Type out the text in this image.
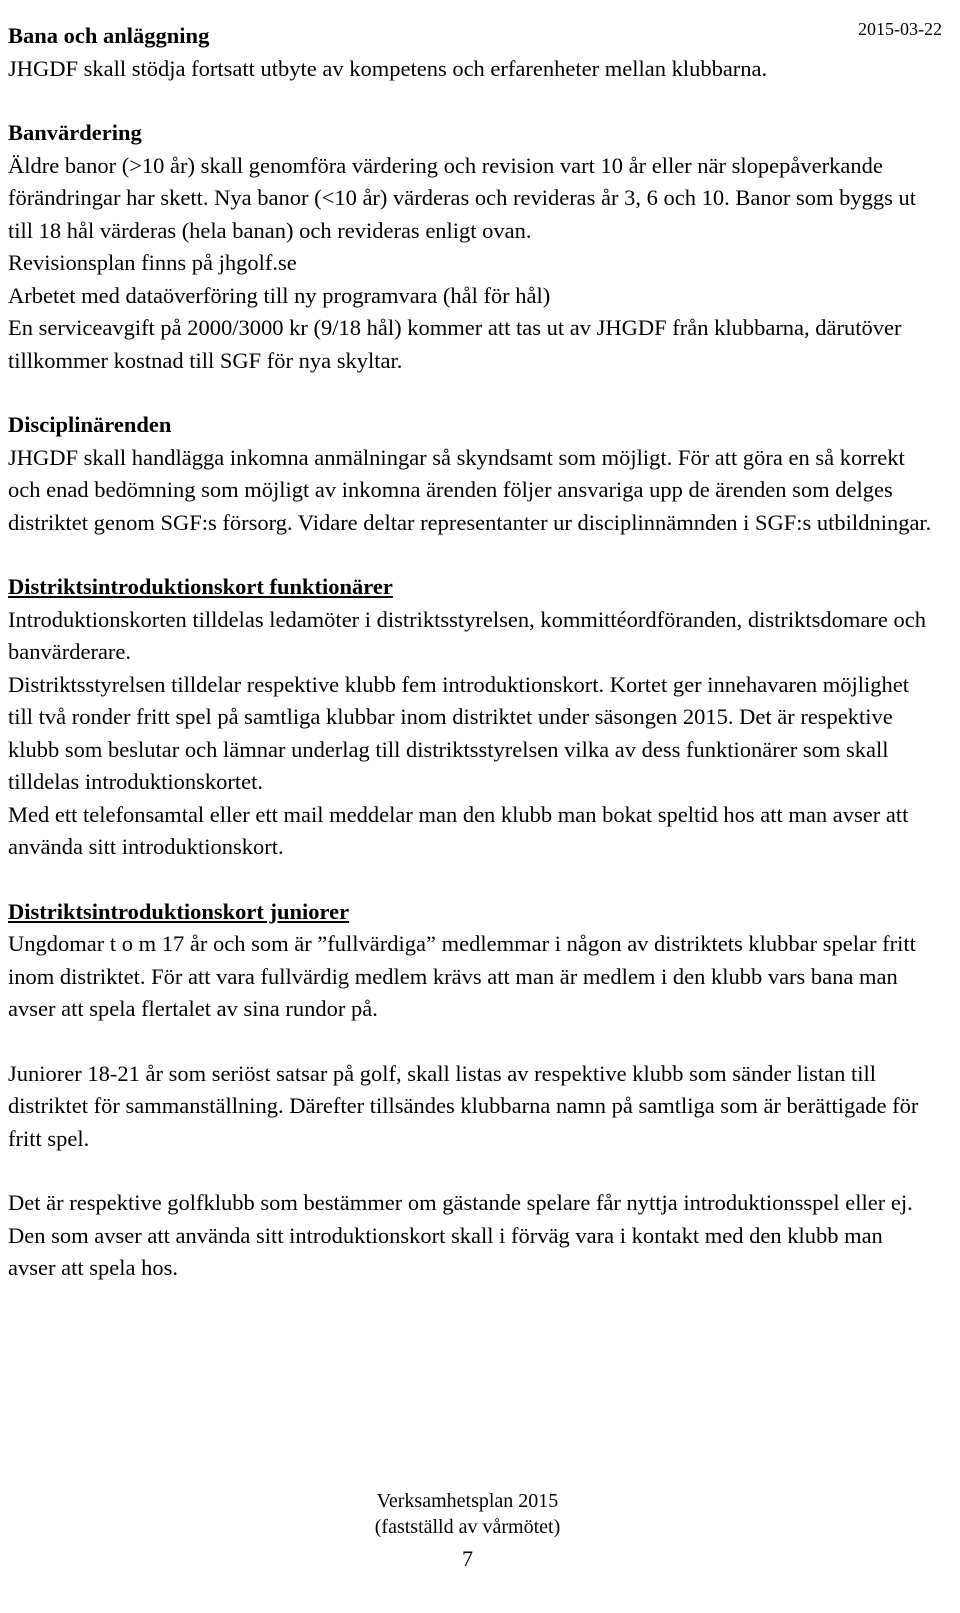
2015-03-22
Bana och anläggning

JHGDF skall stödja fortsatt utbyte av kompetens och erfarenheter mellan klubbarna.

Banvärdering

Äldre banor (>10 år) skall genomföra värdering och revision vart 10 år eller när slopepåverkande förändringar har skett. Nya banor (<10 år) värderas och revideras år 3, 6 och 10. Banor som byggs ut till 18 hål värderas (hela banan) och revideras enligt ovan.

Revisionsplan finns på jhgolf.se

Arbetet med dataöverföring till ny programvara (hål för hål)

En serviceavgift på 2000/3000 kr (9/18 hål) kommer att tas ut av JHGDF från klubbarna, därutöver tillkommer kostnad till SGF för nya skyltar.

Disciplinärenden

JHGDF skall handlägga inkomna anmälningar så skyndsamt som möjligt. För att göra en så korrekt och enad bedömning som möjligt av inkomna ärenden följer ansvariga upp de ärenden som delges distriktet genom SGF:s försorg. Vidare deltar representanter ur disciplinnämnden i SGF:s utbildningar.

Distriktsintroduktionskort funktionärer

Introduktionskorten tilldelas ledamöter i distriktsstyrelsen, kommittéordföranden, distriktsdomare och banvärderare.

Distriktsstyrelsen tilldelar respektive klubb fem introduktionskort. Kortet ger innehavaren möjlighet till två ronder fritt spel på samtliga klubbar inom distriktet under säsongen 2015. Det är respektive klubb som beslutar och lämnar underlag till distriktsstyrelsen vilka av dess funktionärer som skall tilldelas introduktionskortet.

Med ett telefonsamtal eller ett mail meddelar man den klubb man bokat speltid hos att man avser att använda sitt introduktionskort.

Distriktsintroduktionskort juniorer

Ungdomar t o m 17 år och som är ”fullvärdiga” medlemmar i någon av distriktets klubbar spelar fritt inom distriktet. För att vara fullvärdig medlem krävs att man är medlem i den klubb vars bana man avser att spela flertalet av sina rundor på.

Juniorer 18-21 år som seriöst satsar på golf, skall listas av respektive klubb som sänder listan till distriktet för sammanställning. Därefter tillsändes klubbarna namn på samtliga som är berättigade för fritt spel.

Det är respektive golfklubb som bestämmer om gästande spelare får nyttja introduktionsspel eller ej. Den som avser att använda sitt introduktionskort skall i förväg vara i kontakt med den klubb man avser att spela hos.

Verksamhetsplan 2015
(fastställd av vårmötet)
7
